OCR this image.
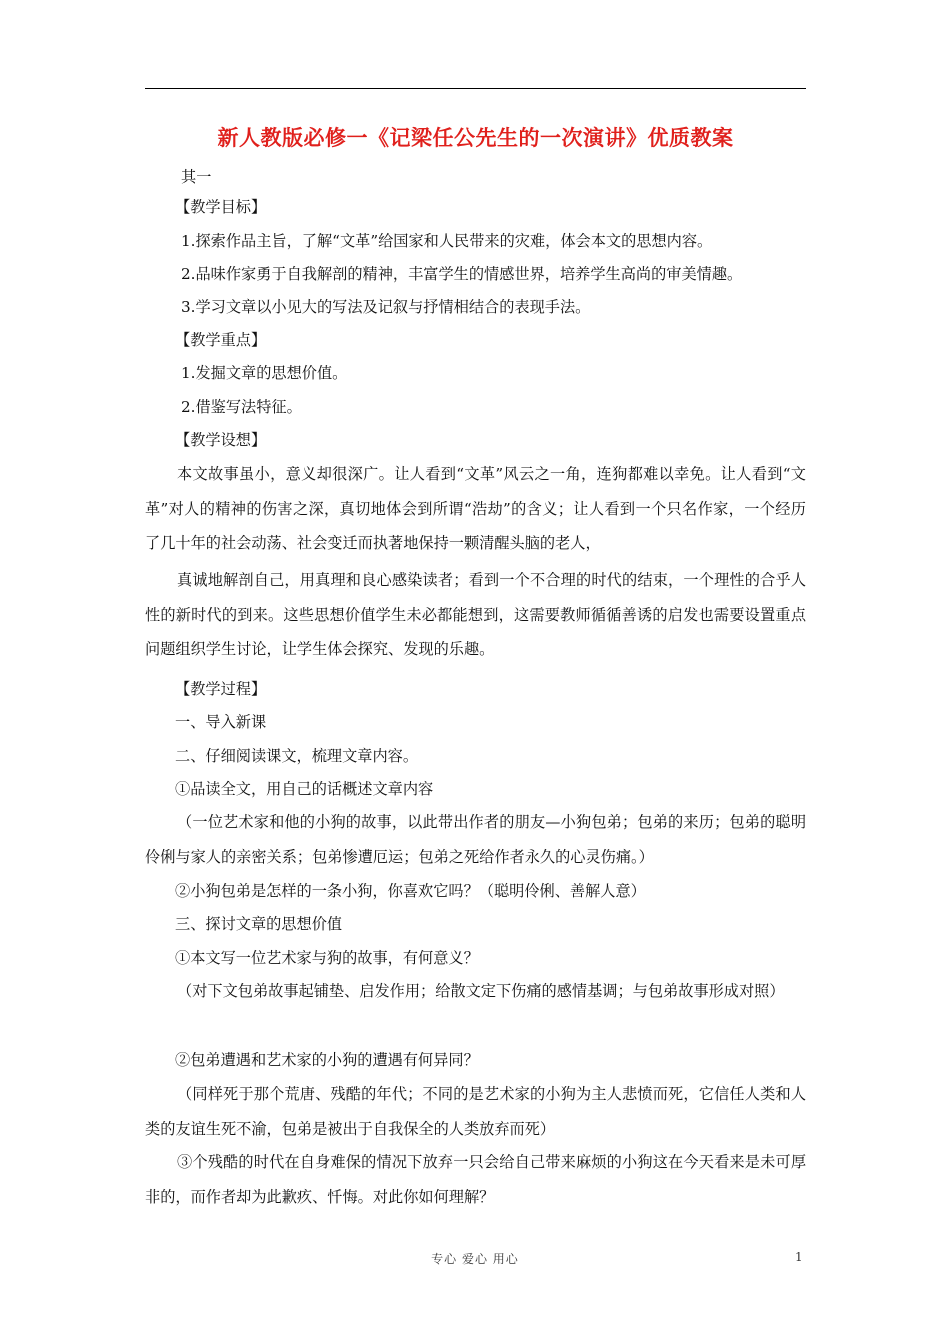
新人教版必修一《记梁任公先生的一次演讲》优质教案

其一

【教学目标】

1.探索作品主旨，了解“文革”给国家和人民带来的灾难，体会本文的思想内容。

2.品味作家勇于自我解剖的精神，丰富学生的情感世界，培养学生高尚的审美情趣。

3.学习文章以小见大的写法及记叙与抒情相结合的表现手法。

【教学重点】

1.发掘文章的思想价值。

2.借鉴写法特征。

【教学设想】

本文故事虽小，意义却很深广。让人看到“文革”风云之一角，连狗都难以幸免。让人看到“文革”对人的精神的伤害之深，真切地体会到所谓“浩劫”的含义；让人看到一个只名作家，一个经历了几十年的社会动荡、社会变迁而执著地保持一颗清醒头脑的老人，

真诚地解剖自己，用真理和良心感染读者；看到一个不合理的时代的结束，一个理性的合乎人性的新时代的到来。这些思想价值学生未必都能想到，这需要教师循循善诱的启发也需要设置重点问题组织学生讨论，让学生体会探究、发现的乐趣。

【教学过程】

一、导入新课

二、仔细阅读课文，梳理文章内容。

①品读全文，用自己的话概述文章内容

（一位艺术家和他的小狗的故事，以此带出作者的朋友—小狗包弟；包弟的来历；包弟的聪明伶俐与家人的亲密关系；包弟惨遭厄运；包弟之死给作者永久的心灵伤痛。）

②小狗包弟是怎样的一条小狗，你喜欢它吗？（聪明伶俐、善解人意）

三、探讨文章的思想价值

①本文写一位艺术家与狗的故事，有何意义？

（对下文包弟故事起铺垫、启发作用；给散文定下伤痛的感情基调；与包弟故事形成对照）

②包弟遭遇和艺术家的小狗的遭遇有何异同？

（同样死于那个荒唐、残酷的年代；不同的是艺术家的小狗为主人悲愤而死，它信任人类和人类的友谊生死不渝，包弟是被出于自我保全的人类放弃而死）

③个残酷的时代在自身难保的情况下放弃一只会给自己带来麻烦的小狗这在今天看来是未可厚非的，而作者却为此歉疚、忏悔。对此你如何理解？

专心 爱心 用心	1
